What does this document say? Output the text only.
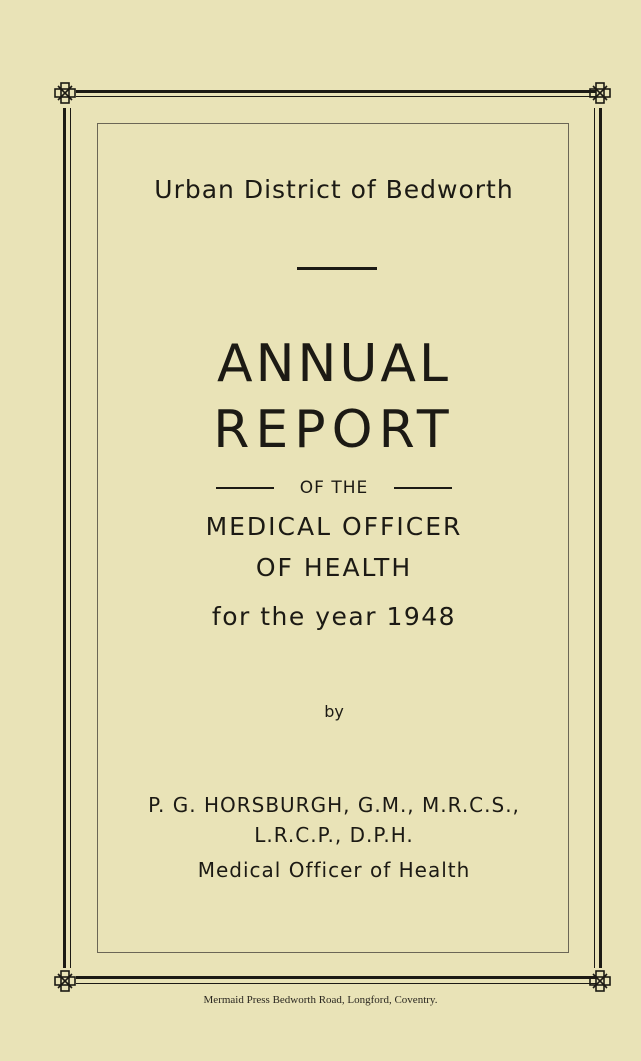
Urban District of Bedworth
ANNUAL
REPORT
OF THE
MEDICAL OFFICER
OF HEALTH
for the year 1948
by
P. G. HORSBURGH, G.M., M.R.C.S.,
L.R.C.P., D.P.H.
Medical Officer of Health
Mermaid Press Bedworth Road, Longford, Coventry.
